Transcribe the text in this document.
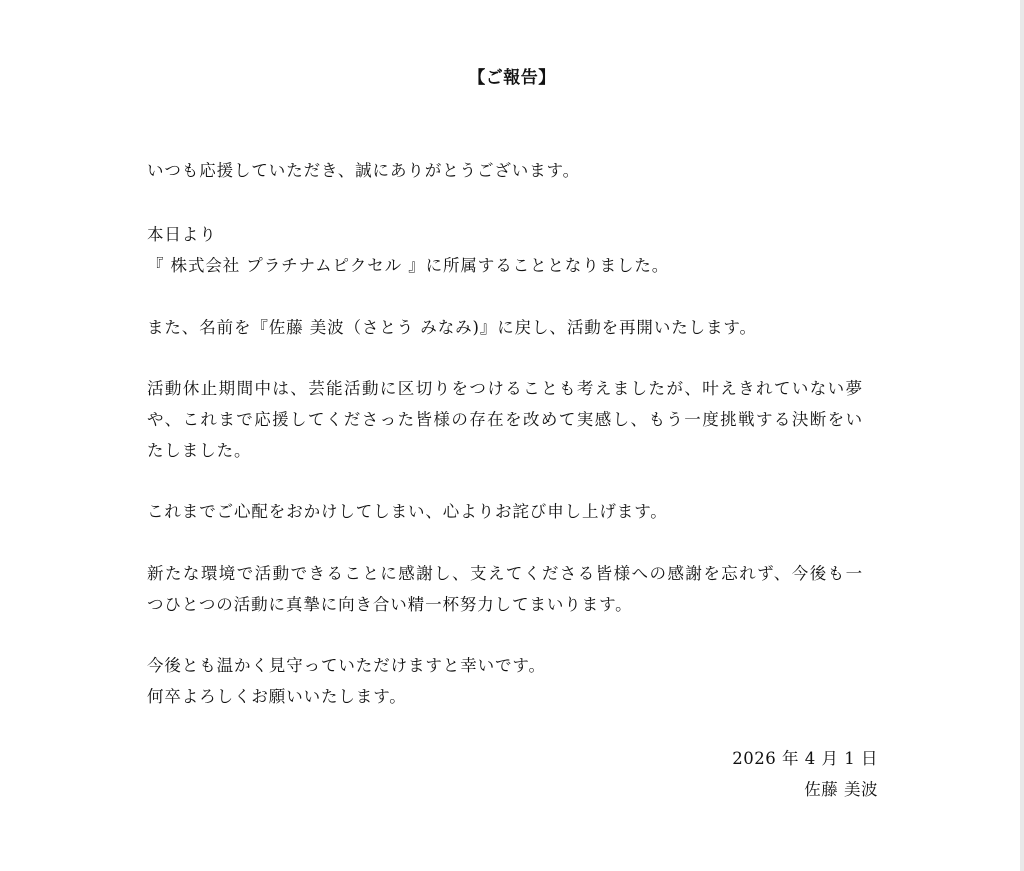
【ご報告】
いつも応援していただき、誠にありがとうございます。
本日より
『 株式会社 プラチナムピクセル 』に所属することとなりました。
また、名前を『佐藤 美波（さとう みなみ)』に戻し、活動を再開いたします。
活動休止期間中は、芸能活動に区切りをつけることも考えましたが、叶えきれていない夢
や、これまで応援してくださった皆様の存在を改めて実感し、もう一度挑戦する決断をい
たしました。
これまでご心配をおかけしてしまい、心よりお詫び申し上げます。
新たな環境で活動できることに感謝し、支えてくださる皆様への感謝を忘れず、今後も一
つひとつの活動に真摯に向き合い精一杯努力してまいります。
今後とも温かく見守っていただけますと幸いです。
何卒よろしくお願いいたします。
2026 年 4 月 1 日
佐藤 美波
